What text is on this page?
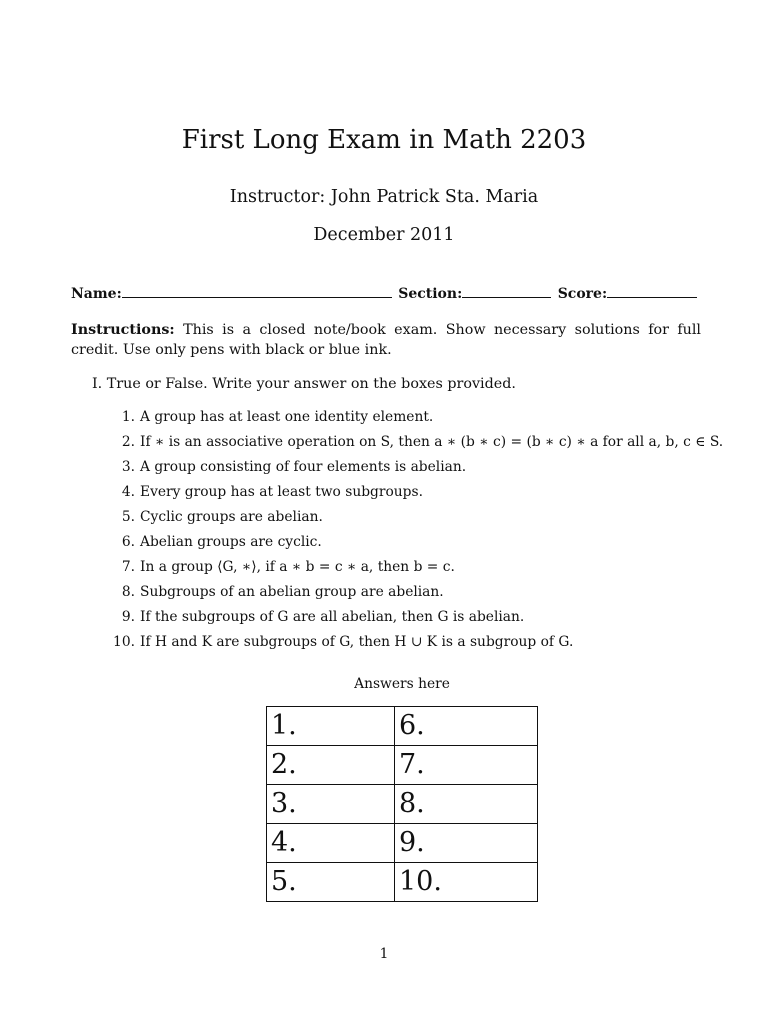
First Long Exam in Math 2203
Instructor: John Patrick Sta. Maria
December 2011
Name:	Section:	Score:
Instructions: This is a closed note/book exam. Show necessary solutions for full credit. Use only pens with black or blue ink.
I. True or False. Write your answer on the boxes provided.
1. A group has at least one identity element.
2. If ∗ is an associative operation on S, then a ∗ (b ∗ c) = (b ∗ c) ∗ a for all a, b, c ∈ S.
3. A group consisting of four elements is abelian.
4. Every group has at least two subgroups.
5. Cyclic groups are abelian.
6. Abelian groups are cyclic.
7. In a group ⟨G, ∗⟩, if a ∗ b = c ∗ a, then b = c.
8. Subgroups of an abelian group are abelian.
9. If the subgroups of G are all abelian, then G is abelian.
10. If H and K are subgroups of G, then H ∪ K is a subgroup of G.
Answers here
1.	6.
2.	7.
3.	8.
4.	9.
5.	10.
1
